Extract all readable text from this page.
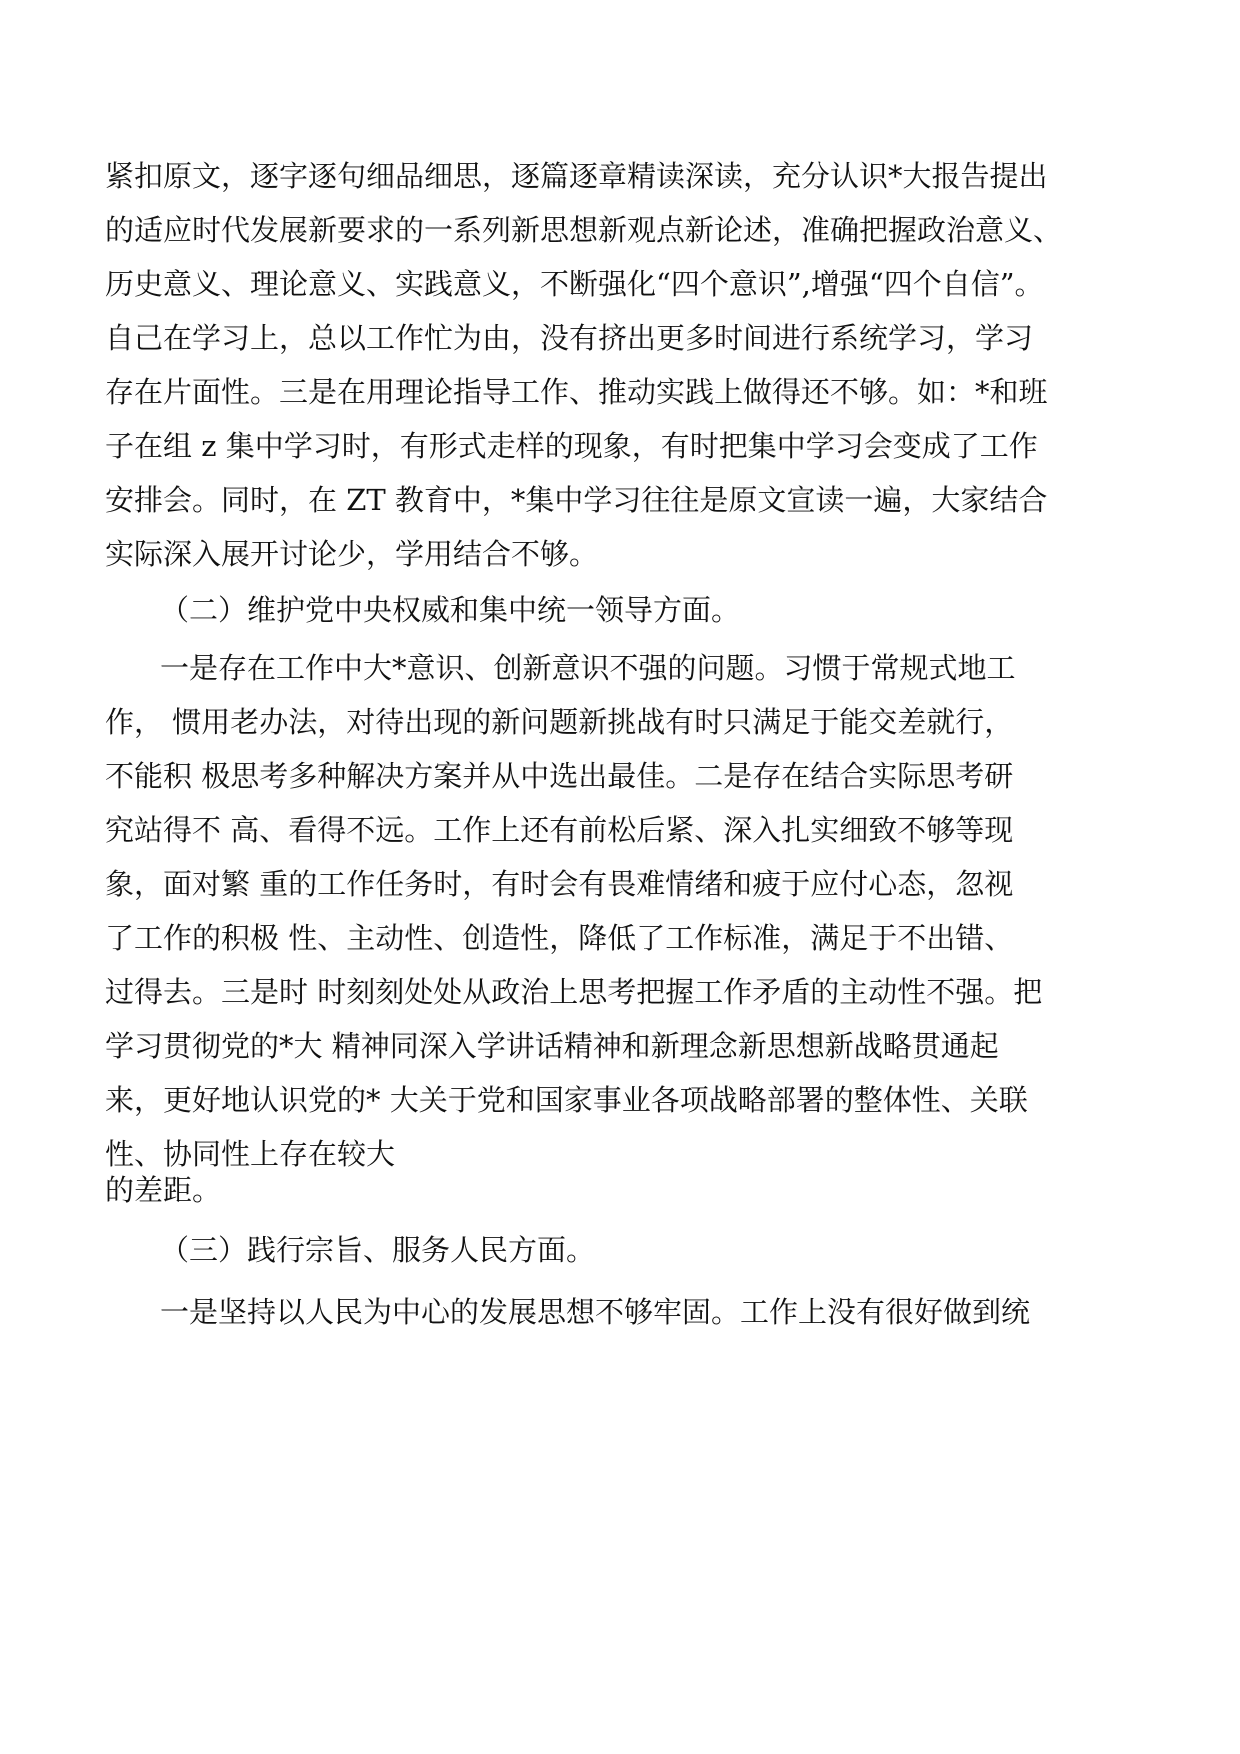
紧扣原文，逐字逐句细品细思，逐篇逐章精读深读，充分认识*大报告提出
的适应时代发展新要求的一系列新思想新观点新论述，准确把握政治意义、
历史意义、理论意义、实践意义，不断强化“四个意识”,增强“四个自信”。
自己在学习上，总以工作忙为由，没有挤出更多时间进行系统学习，学习
存在片面性。三是在用理论指导工作、推动实践上做得还不够。如：*和班
子在组 z 集中学习时，有形式走样的现象，有时把集中学习会变成了工作
安排会。同时，在 ZT 教育中，*集中学习往往是原文宣读一遍，大家结合
实际深入展开讨论少，学用结合不够。
（二）维护党中央权威和集中统一领导方面。
一是存在工作中大*意识、创新意识不强的问题。习惯于常规式地工
作， 惯用老办法，对待出现的新问题新挑战有时只满足于能交差就行，
不能积 极思考多种解决方案并从中选出最佳。二是存在结合实际思考研
究站得不 高、看得不远。工作上还有前松后紧、深入扎实细致不够等现
象，面对繁 重的工作任务时，有时会有畏难情绪和疲于应付心态，忽视
了工作的积极 性、主动性、创造性，降低了工作标准，满足于不出错、
过得去。三是时 时刻刻处处从政治上思考把握工作矛盾的主动性不强。把
学习贯彻党的*大 精神同深入学讲话精神和新理念新思想新战略贯通起
来，更好地认识党的* 大关于党和国家事业各项战略部署的整体性、关联
性、协同性上存在较大
的差距。
（三）践行宗旨、服务人民方面。
一是坚持以人民为中心的发展思想不够牢固。工作上没有很好做到统
